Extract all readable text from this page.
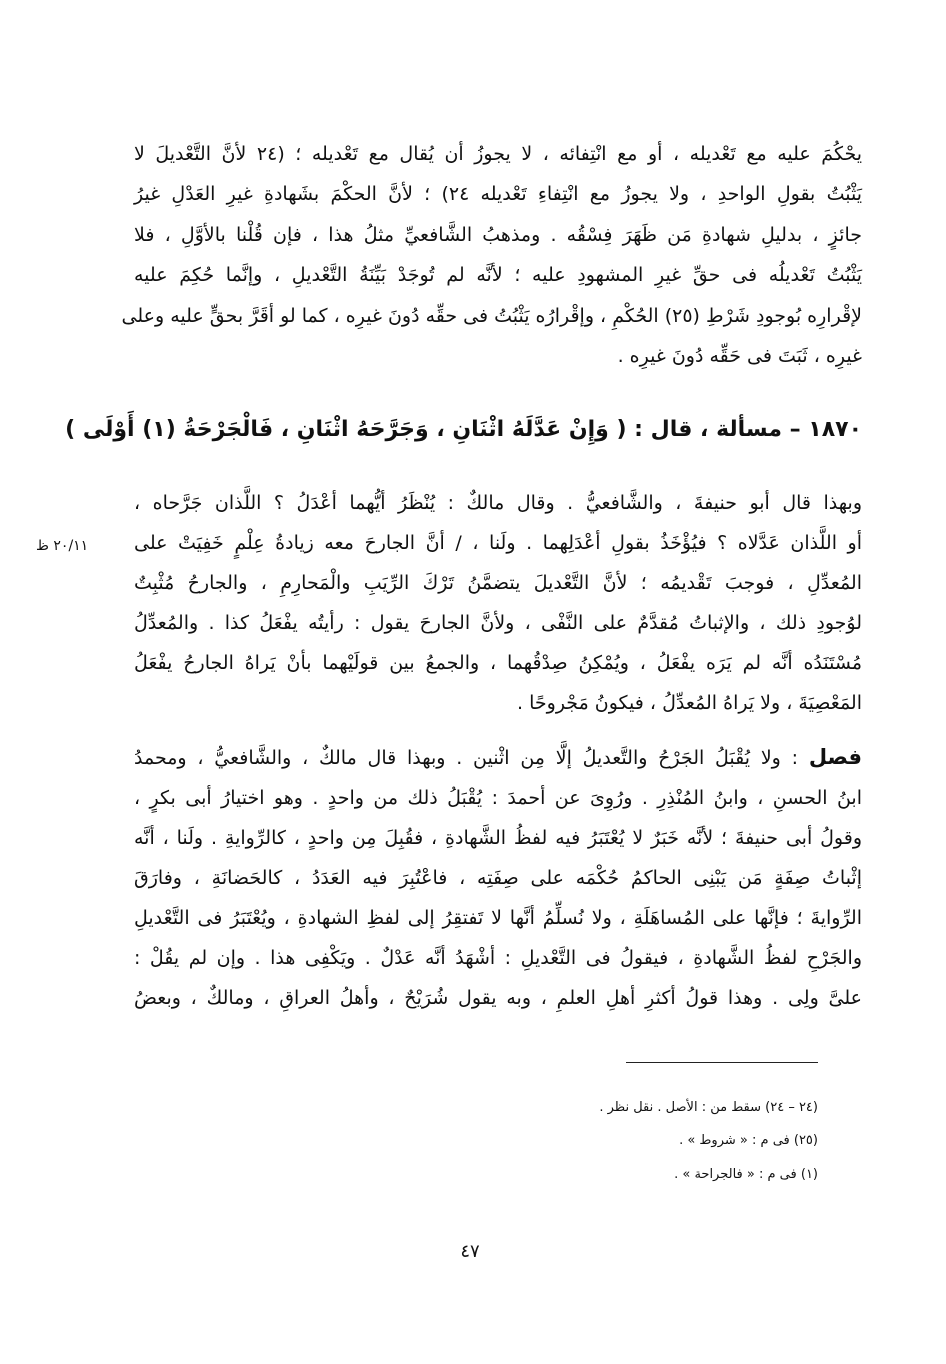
يحْكُمَ عليه مع تَعْديله ، أو مع انْتِفائه ، لا يجوزُ أن يُقال مع تَعْديله ؛ (٢٤ لأنَّ التَّعْديلَ لا
يَثْبُتُ بقولِ الواحدِ ، ولا يجوزُ مع انْتِفاءِ تَعْديله ٢٤) ؛ لأنَّ الحكْمَ بشَهادةِ غيرِ العَدْلِ غيرُ
جائزٍ ، بدليلِ شهادةِ مَن ظَهَرَ فِسْقُه . ومذهبُ الشَّافعيِّ مثلُ هذا ، فإن قُلْنا بالأوَّلِ ، فلا
يَثْبُتُ تَعْديلُه فى حقِّ غيرِ المشهودِ عليه ؛ لأنَّه لم تُوجَدْ بَيِّنَةُ التَّعْديلِ ، وإنَّما حُكِمَ عليه
لإقْرارِه بُوجودِ شَرْطِ (٢٥) الحُكْمِ ، وإقْرارُه يَثْبُتُ فى حقِّه دُونَ غيرِه ، كما لو أقَرَّ بحقٍّ عليه وعلى
غيرِه ، ثَبَتَ فى حَقِّه دُونَ غيرِه .
١٨٧٠ – مسألة ، قال : ( وَإِنْ عَدَّلَهُ اثْنَانِ ، وَجَرَّحَهُ اثْنَانِ ، فَالْجَرْحَةُ (١) أَوْلَى )
٢٠/١١ ظ
وبهذا قال أبو حنيفةَ ، والشَّافعيُّ . وقال مالكٌ : يُنْظَرُ أيُّهما أعْدَلُ ؟ اللَّذان جَرَّحاه ،
أو اللَّذان عَدَّلاه ؟ فيُؤْخَذُ بقولِ أعْدَلِهما . ولَنا ، / أنَّ الجارحَ معه زيادةُ عِلْمٍ خَفِيَتْ على
المُعدِّلِ ، فوجبَ تَقْديمُه ؛ لأنَّ التَّعْديلَ يتضمَّنُ تَرْكَ الرِّيَبِ والْمَحارِمِ ، والجارحُ مُثْبِتٌ
لوُجودِ ذلك ، والإثباتُ مُقدَّمٌ على النَّفْى ، ولأنَّ الجارحَ يقول : رأيتُه يفْعَلُ كذا . والمُعدِّلُ
مُسْتَنَدُه أنَّه لم يَرَه يفْعَلُ ، ويُمْكِنُ صِدْقُهما ، والجمعُ بين قولَيْهما بأنْ يَراهُ الجارحُ يفْعَلُ
المَعْصِيَةَ ، ولا يَراهُ المُعدِّلُ ، فيكونُ مَجْروحًا .
فصل : ولا يُقْبَلُ الجَرْحُ والتَّعديلُ إلَّا مِن اثْنين . وبهذا قال مالكٌ ، والشَّافعيُّ ، ومحمدُ
ابنُ الحسنِ ، وابنُ المُنْذِرِ . ورُوِىَ عن أحمدَ : يُقْبَلُ ذلك من واحدٍ . وهو اختيارُ أبى بكرٍ ،
وقولُ أبى حنيفةَ ؛ لأنَّه خَبَرٌ لا يُعْتَبَرُ فيه لفظُ الشَّهادةِ ، فقُبِلَ مِن واحدٍ ، كالرِّوايةِ . ولَنا ، أنَّه
إثْباتُ صِفَةٍ مَن يَبْنِى الحاكمُ حُكْمَه على صِفَتِه ، فاعْتُبِرَ فيه العَدَدُ ، كالحَضانَةِ ، وفارَقَ
الرِّوايةَ ؛ فإنَّها على المُساهَلَةِ ، ولا نُسلِّمُ أنَّها لا تَفتقِرُ إلى لفظِ الشهادةِ ، ويُعْتَبَرُ فى التَّعْديلِ
والجَرْحِ لفظُ الشَّهادةِ ، فيقولُ فى التَّعْديلِ : أشْهَدُ أنَّه عَدْلٌ . ويَكْفِى هذا . وإن لم يقُلْ :
علىَّ ولِى . وهذا قولُ أكثرِ أهلِ العلمِ ، وبه يقول شُرَيْحٌ ، وأهلُ العراقِ ، ومالكٌ ، وبعضُ
(٢٤ – ٢٤) سقط من : الأصل . نقل نظر .
(٢٥) فى م : « شروط » .
(١) فى م : « فالجراحة » .
٤٧
